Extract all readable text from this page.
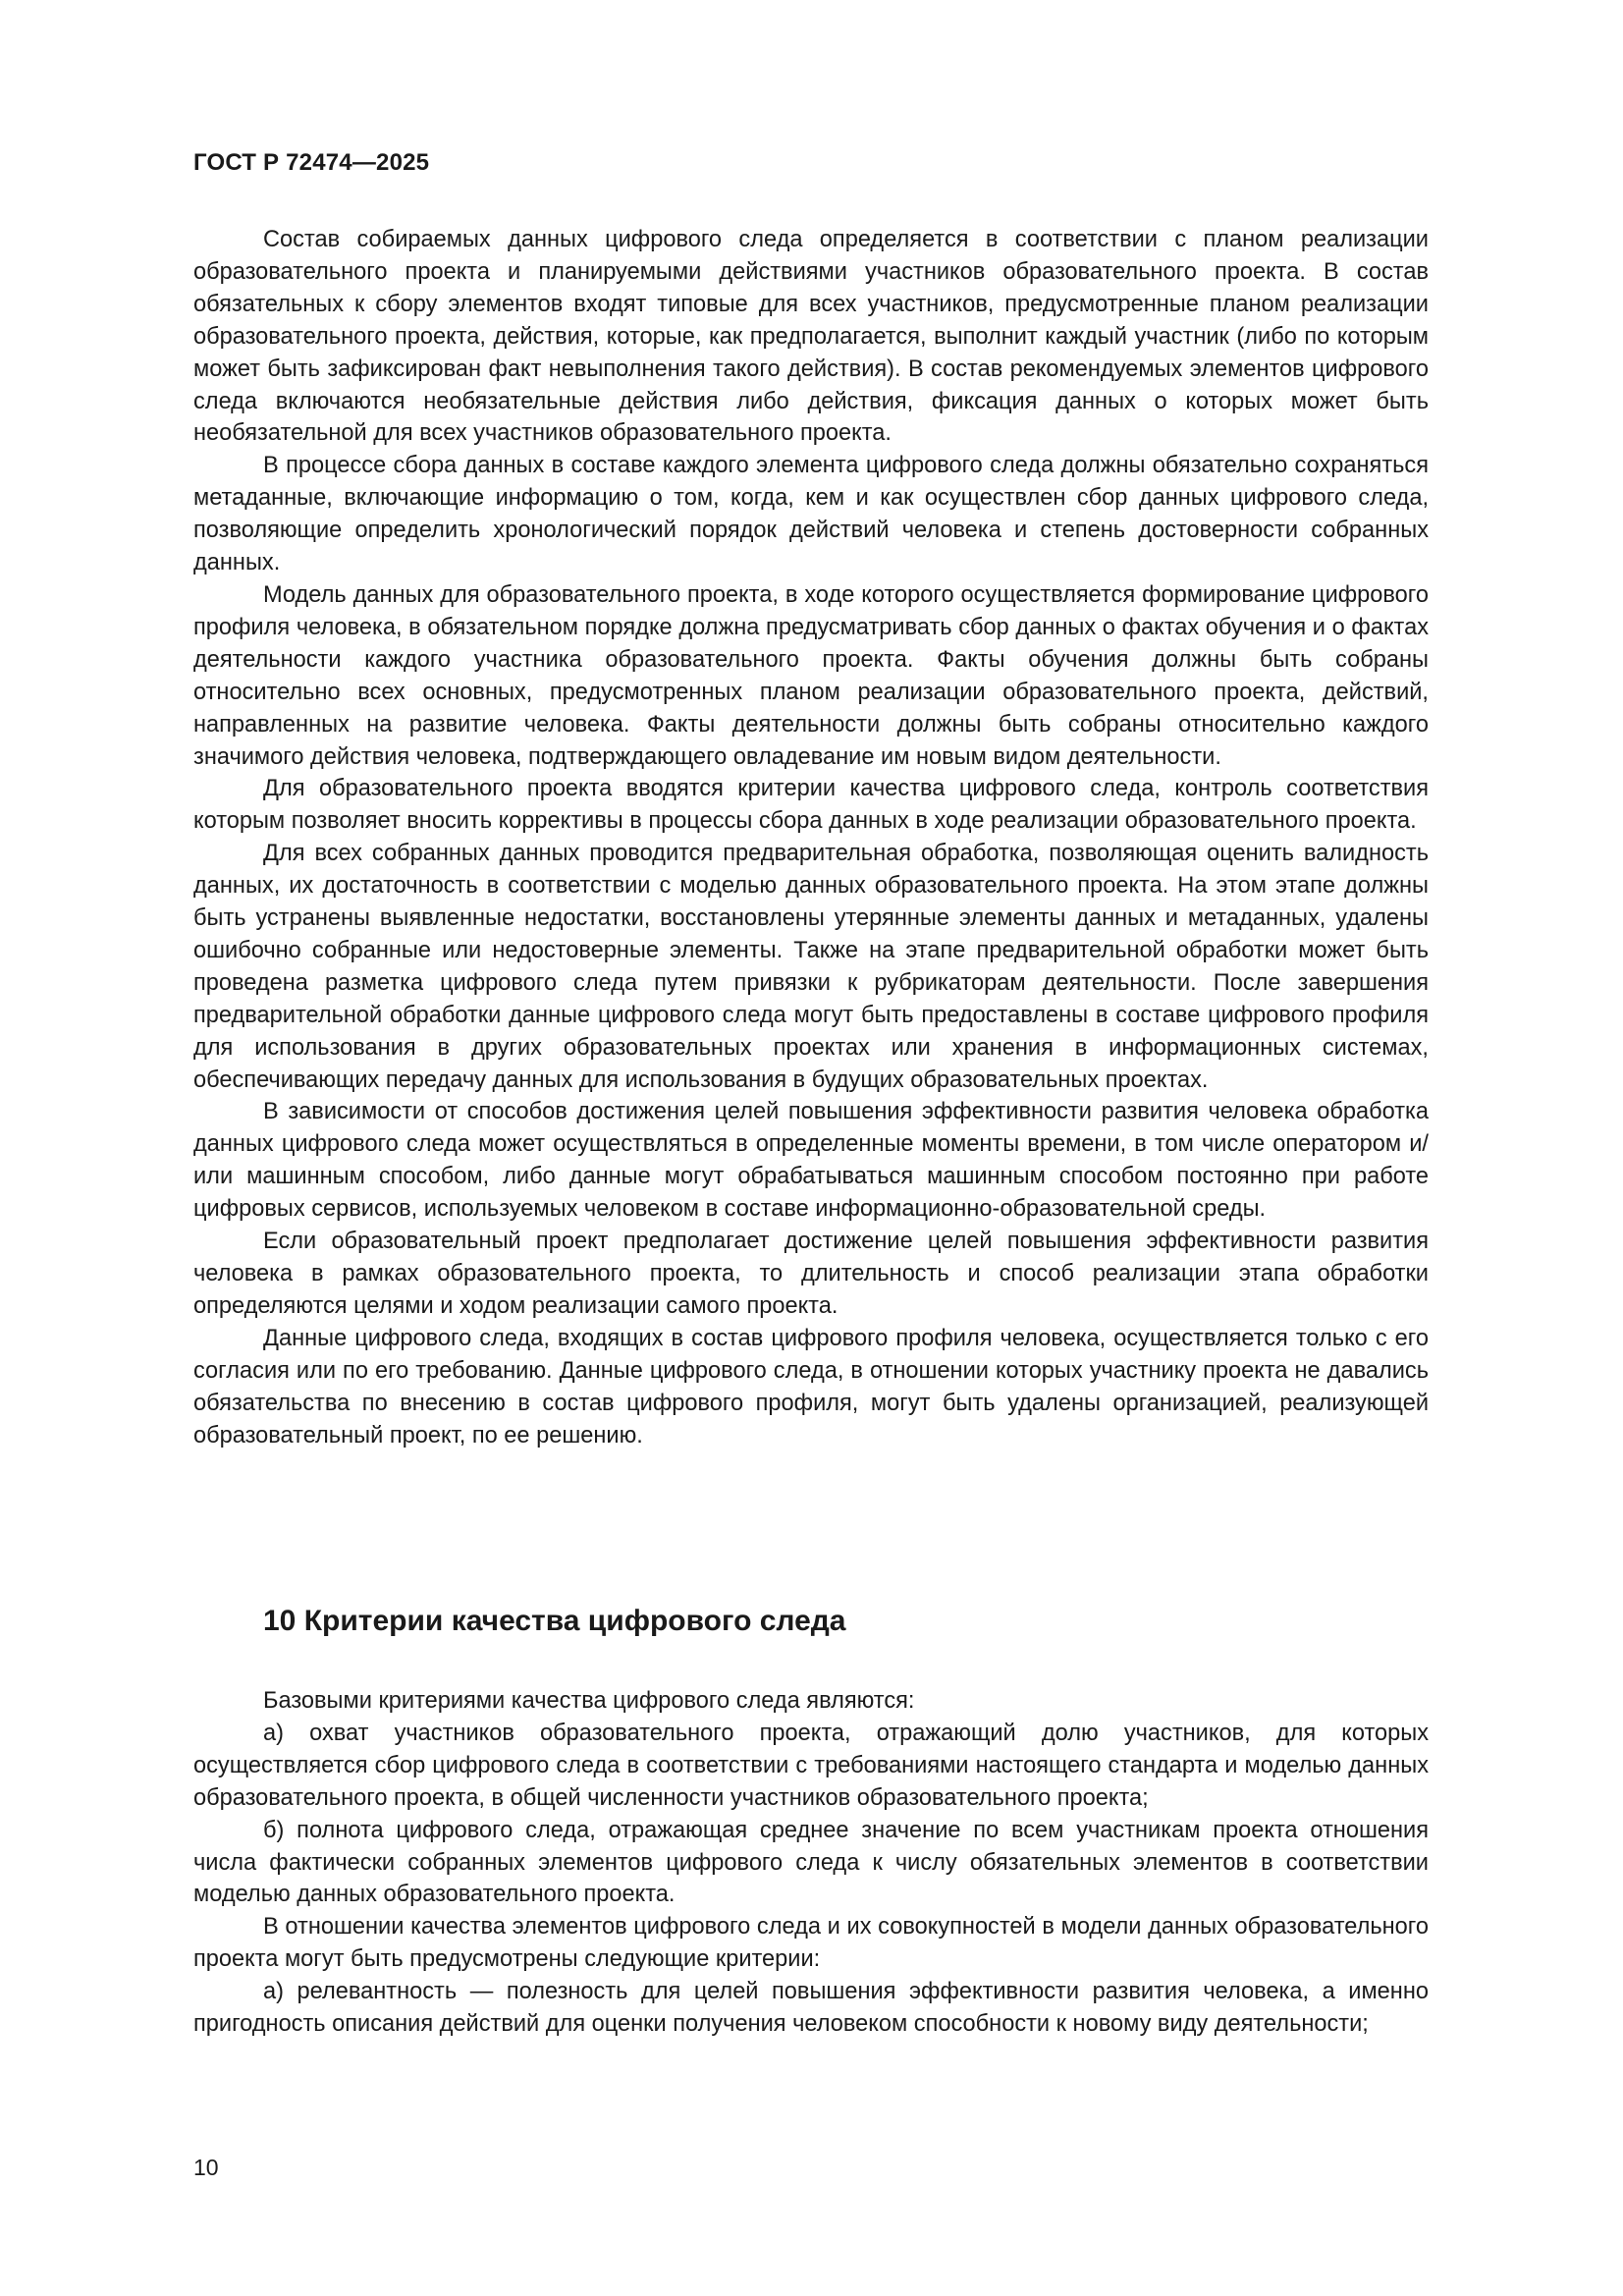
ГОСТ Р 72474—2025

Состав собираемых данных цифрового следа определяется в соответствии с планом реализации образовательного проекта и планируемыми действиями участников образовательного проекта. В состав обязательных к сбору элементов входят типовые для всех участников, предусмотренные планом реализации образовательного проекта, действия, которые, как предполагается, выполнит каждый участник (либо по которым может быть зафиксирован факт невыполнения такого действия). В состав рекомендуемых элементов цифрового следа включаются необязательные действия либо действия, фиксация данных о которых может быть необязательной для всех участников образовательного проекта.

В процессе сбора данных в составе каждого элемента цифрового следа должны обязательно сохраняться метаданные, включающие информацию о том, когда, кем и как осуществлен сбор данных цифрового следа, позволяющие определить хронологический порядок действий человека и степень достоверности собранных данных.

Модель данных для образовательного проекта, в ходе которого осуществляется формирование цифрового профиля человека, в обязательном порядке должна предусматривать сбор данных о фактах обучения и о фактах деятельности каждого участника образовательного проекта. Факты обучения должны быть собраны относительно всех основных, предусмотренных планом реализации образовательного проекта, действий, направленных на развитие человека. Факты деятельности должны быть собраны относительно каждого значимого действия человека, подтверждающего овладевание им новым видом деятельности.

Для образовательного проекта вводятся критерии качества цифрового следа, контроль соответствия которым позволяет вносить коррективы в процессы сбора данных в ходе реализации образовательного проекта.

Для всех собранных данных проводится предварительная обработка, позволяющая оценить валидность данных, их достаточность в соответствии с моделью данных образовательного проекта. На этом этапе должны быть устранены выявленные недостатки, восстановлены утерянные элементы данных и метаданных, удалены ошибочно собранные или недостоверные элементы. Также на этапе предварительной обработки может быть проведена разметка цифрового следа путем привязки к рубрикаторам деятельности. После завершения предварительной обработки данные цифрового следа могут быть предоставлены в составе цифрового профиля для использования в других образовательных проектах или хранения в информационных системах, обеспечивающих передачу данных для использования в будущих образовательных проектах.

В зависимости от способов достижения целей повышения эффективности развития человека обработка данных цифрового следа может осуществляться в определенные моменты времени, в том числе оператором и/или машинным способом, либо данные могут обрабатываться машинным способом постоянно при работе цифровых сервисов, используемых человеком в составе информационно-образовательной среды.

Если образовательный проект предполагает достижение целей повышения эффективности развития человека в рамках образовательного проекта, то длительность и способ реализации этапа обработки определяются целями и ходом реализации самого проекта.

Данные цифрового следа, входящих в состав цифрового профиля человека, осуществляется только с его согласия или по его требованию. Данные цифрового следа, в отношении которых участнику проекта не давались обязательства по внесению в состав цифрового профиля, могут быть удалены организацией, реализующей образовательный проект, по ее решению.

10 Критерии качества цифрового следа

Базовыми критериями качества цифрового следа являются:

а) охват участников образовательного проекта, отражающий долю участников, для которых осуществляется сбор цифрового следа в соответствии с требованиями настоящего стандарта и моделью данных образовательного проекта, в общей численности участников образовательного проекта;

б) полнота цифрового следа, отражающая среднее значение по всем участникам проекта отношения числа фактически собранных элементов цифрового следа к числу обязательных элементов в соответствии моделью данных образовательного проекта.

В отношении качества элементов цифрового следа и их совокупностей в модели данных образовательного проекта могут быть предусмотрены следующие критерии:

а) релевантность — полезность для целей повышения эффективности развития человека, а именно пригодность описания действий для оценки получения человеком способности к новому виду деятельности;

10
